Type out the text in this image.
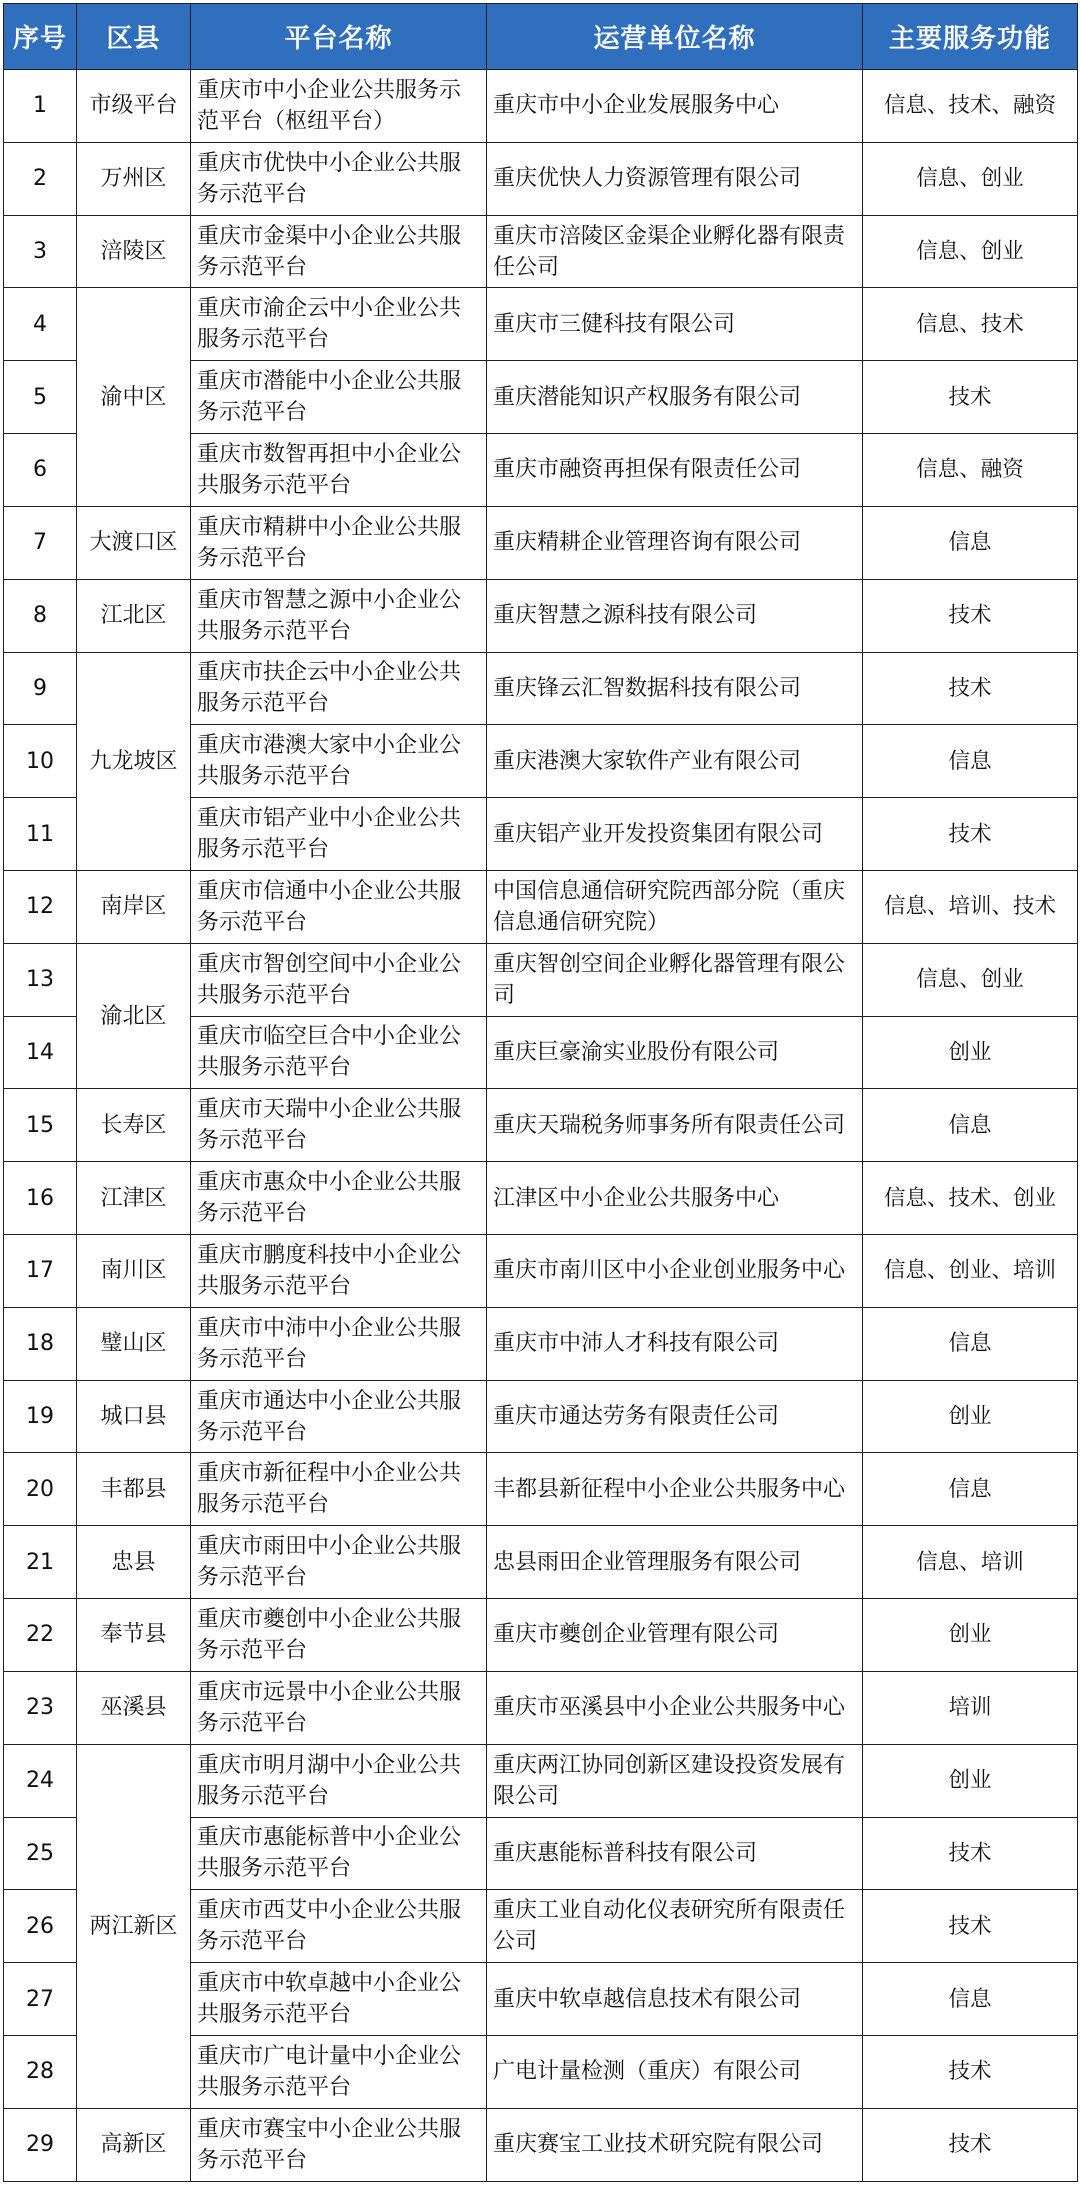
序号	区县	平台名称	运营单位名称	主要服务功能
1	市级平台	重庆市中小企业公共服务示范平台（枢纽平台）	重庆市中小企业发展服务中心	信息、技术、融资
2	万州区	重庆市优快中小企业公共服务示范平台	重庆优快人力资源管理有限公司	信息、创业
3	涪陵区	重庆市金渠中小企业公共服务示范平台	重庆市涪陵区金渠企业孵化器有限责任公司	信息、创业
4	渝中区	重庆市渝企云中小企业公共服务示范平台	重庆市三健科技有限公司	信息、技术
5		重庆市潜能中小企业公共服务示范平台	重庆潜能知识产权服务有限公司	技术
6		重庆市数智再担中小企业公共服务示范平台	重庆市融资再担保有限责任公司	信息、融资
7	大渡口区	重庆市精耕中小企业公共服务示范平台	重庆精耕企业管理咨询有限公司	信息
8	江北区	重庆市智慧之源中小企业公共服务示范平台	重庆智慧之源科技有限公司	技术
9	九龙坡区	重庆市扶企云中小企业公共服务示范平台	重庆锋云汇智数据科技有限公司	技术
10		重庆市港澳大家中小企业公共服务示范平台	重庆港澳大家软件产业有限公司	信息
11		重庆市铝产业中小企业公共服务示范平台	重庆铝产业开发投资集团有限公司	技术
12	南岸区	重庆市信通中小企业公共服务示范平台	中国信息通信研究院西部分院（重庆信息通信研究院）	信息、培训、技术
13	渝北区	重庆市智创空间中小企业公共服务示范平台	重庆智创空间企业孵化器管理有限公司	信息、创业
14		重庆市临空巨合中小企业公共服务示范平台	重庆巨豪渝实业股份有限公司	创业
15	长寿区	重庆市天瑞中小企业公共服务示范平台	重庆天瑞税务师事务所有限责任公司	信息
16	江津区	重庆市惠众中小企业公共服务示范平台	江津区中小企业公共服务中心	信息、技术、创业
17	南川区	重庆市鹏度科技中小企业公共服务示范平台	重庆市南川区中小企业创业服务中心	信息、创业、培训
18	璧山区	重庆市中沛中小企业公共服务示范平台	重庆市中沛人才科技有限公司	信息
19	城口县	重庆市通达中小企业公共服务示范平台	重庆市通达劳务有限责任公司	创业
20	丰都县	重庆市新征程中小企业公共服务示范平台	丰都县新征程中小企业公共服务中心	信息
21	忠县	重庆市雨田中小企业公共服务示范平台	忠县雨田企业管理服务有限公司	信息、培训
22	奉节县	重庆市夔创中小企业公共服务示范平台	重庆市夔创企业管理有限公司	创业
23	巫溪县	重庆市远景中小企业公共服务示范平台	重庆市巫溪县中小企业公共服务中心	培训
24	两江新区	重庆市明月湖中小企业公共服务示范平台	重庆两江协同创新区建设投资发展有限公司	创业
25		重庆市惠能标普中小企业公共服务示范平台	重庆惠能标普科技有限公司	技术
26		重庆市西艾中小企业公共服务示范平台	重庆工业自动化仪表研究所有限责任公司	技术
27		重庆市中软卓越中小企业公共服务示范平台	重庆中软卓越信息技术有限公司	信息
28		重庆市广电计量中小企业公共服务示范平台	广电计量检测（重庆）有限公司	技术
29	高新区	重庆市赛宝中小企业公共服务示范平台	重庆赛宝工业技术研究院有限公司	技术
